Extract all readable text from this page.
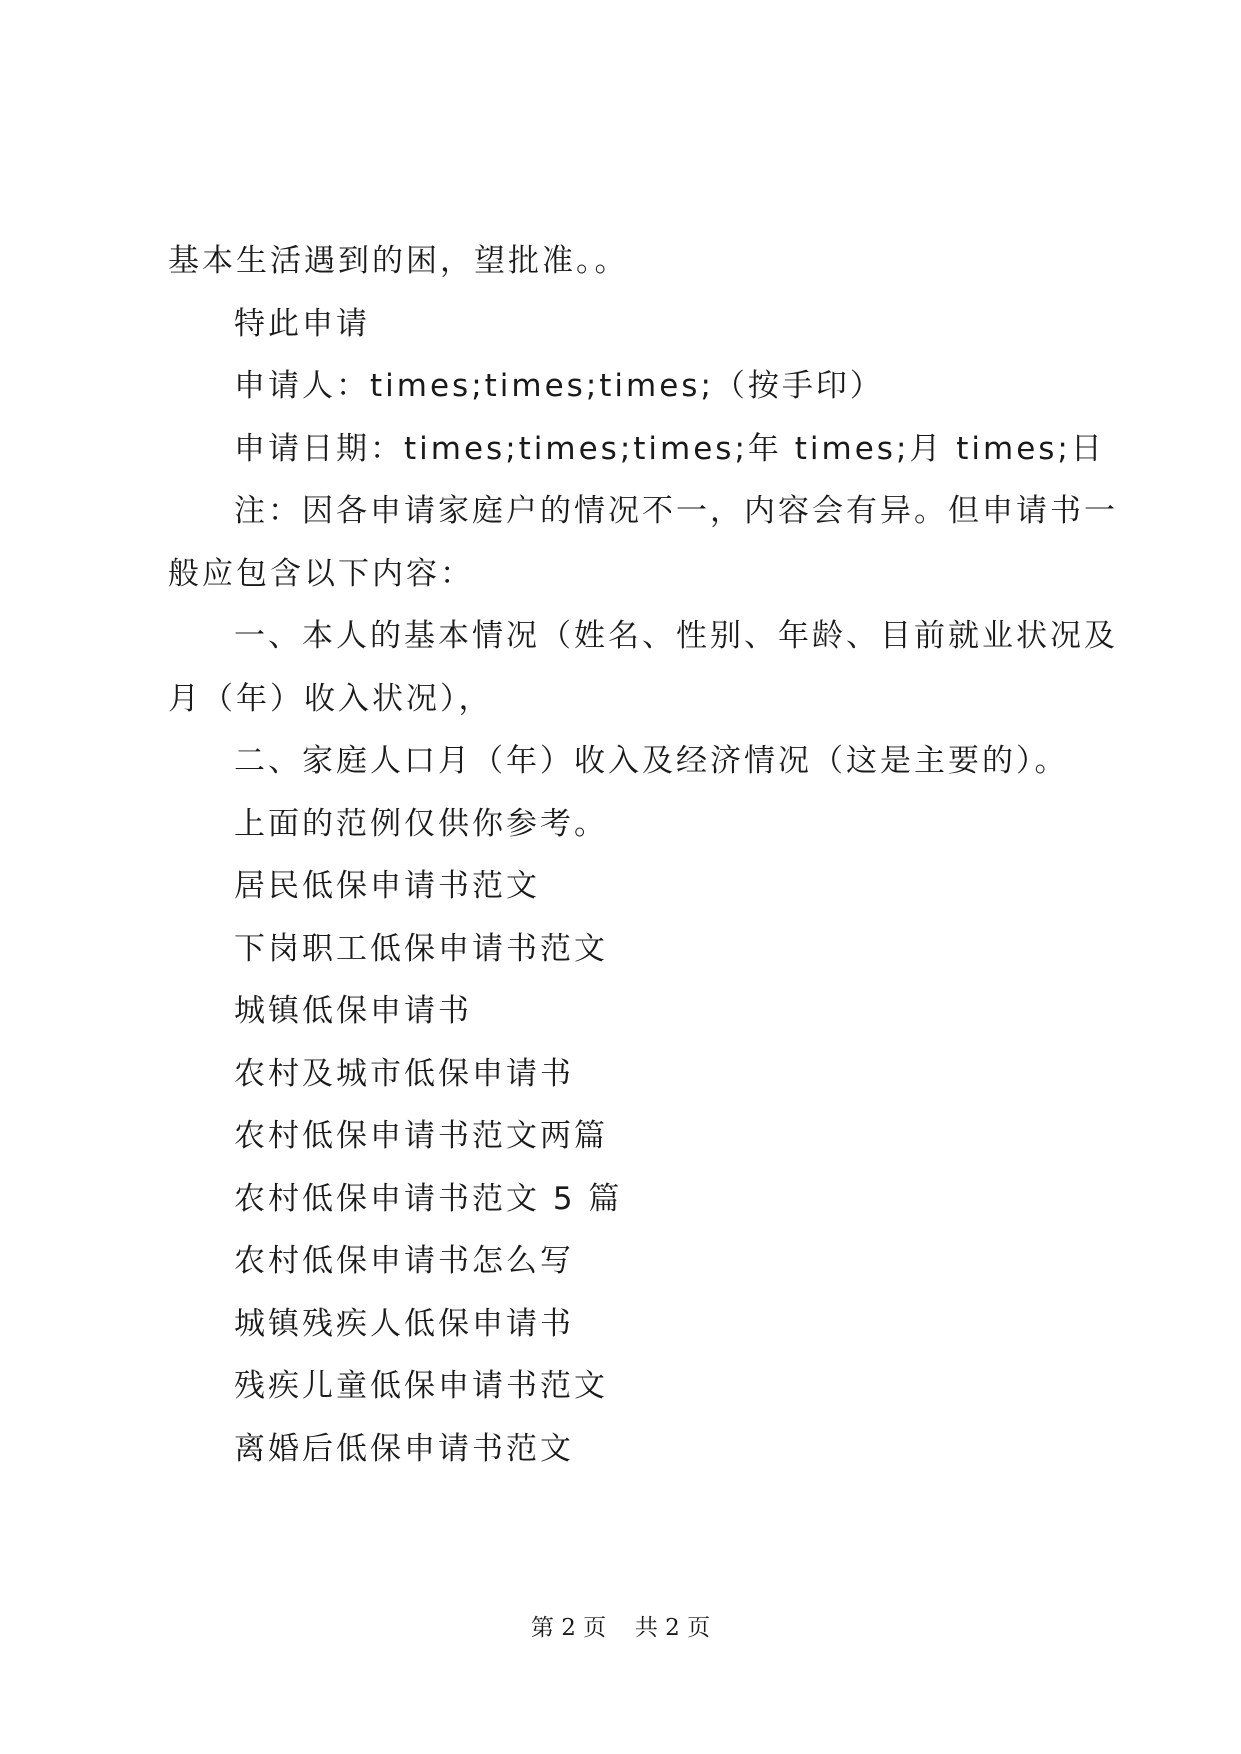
基本生活遇到的困，望批准。。

特此申请

申请人：times;times;times;（按手印）

申请日期：times;times;times;年 times;月 times;日

注：因各申请家庭户的情况不一，内容会有异。但申请书一

般应包含以下内容：

一、本人的基本情况（姓名、性别、年龄、目前就业状况及

月（年）收入状况），

二、家庭人口月（年）收入及经济情况（这是主要的）。

上面的范例仅供你参考。

居民低保申请书范文

下岗职工低保申请书范文

城镇低保申请书

农村及城市低保申请书

农村低保申请书范文两篇

农村低保申请书范文 5 篇

农村低保申请书怎么写

城镇残疾人低保申请书

残疾儿童低保申请书范文

离婚后低保申请书范文

第 2 页 共 2 页
